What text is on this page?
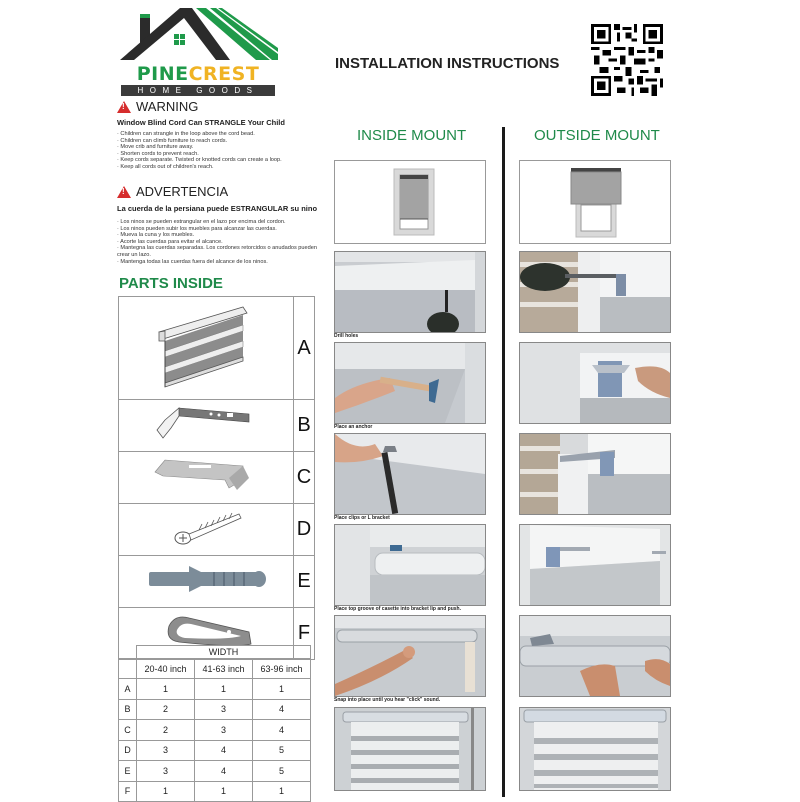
PINECREST
HOME GOODS
!
WARNING
Window Blind Cord Can STRANGLE Your Child
· Children can strangle in the loop above the cord bead.
· Children can climb furniture to reach cords.
· Move crib and furniture away.
· Shorten cords to prevent reach.
· Keep cords separate. Twisted or knotted cords can create a loop.
· Keep all cords out of children's reach.
!
ADVERTENCIA
La cuerda de la persiana puede ESTRANGULAR su nino
· Los ninos se pueden estrangular en el lazo por encima del cordon.
· Los ninos pueden subir los muebles para alcanzar las cuerdas.
· Mueva la cuna y los muebles.
· Acorte las cuerdas para evitar el alcance.
· Mantegna las cuerdas separadas. Los cordones retorcidos o anudados pueden crear un lazo.
· Mantenga todas las cuerdas fuera del alcance de los ninos.
INSTALLATION INSTRUCTIONS
INSIDE MOUNT	OUTSIDE MOUNT
Drill holes
Place an anchor
Place clips or L bracket
Place top groove of casette into bracket lip and push.
Snap into place until you hear "click" sound.
PARTS INSIDE
	A
	B
	C
	D
	E
	F
	WIDTH		
	20-40 inch	41-63 inch	63-96 inch
A	1	1	1
B	2	3	4
C	2	3	4
D	3	4	5
E	3	4	5
F	1	1	1
